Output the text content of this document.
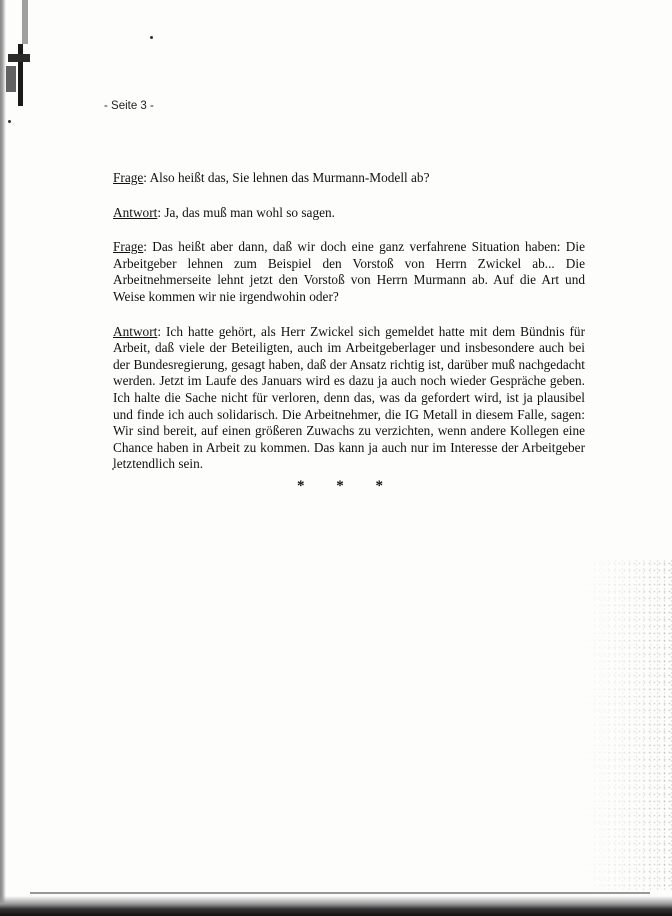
- Seite 3 -

Frage: Also heißt das, Sie lehnen das Murmann-Modell ab?

Antwort: Ja, das muß man wohl so sagen.

Frage: Das heißt aber dann, daß wir doch eine ganz verfahrene Situation haben: Die Arbeitgeber lehnen zum Beispiel den Vorstoß von Herrn Zwickel ab... Die Arbeitnehmerseite lehnt jetzt den Vorstoß von Herrn Murmann ab. Auf die Art und Weise kommen wir nie irgendwohin oder?

Antwort: Ich hatte gehört, als Herr Zwickel sich gemeldet hatte mit dem Bündnis für Arbeit, daß viele der Beteiligten, auch im Arbeitgeberlager und insbesondere auch bei der Bundesregierung, gesagt haben, daß der Ansatz richtig ist, darüber muß nachgedacht werden. Jetzt im Laufe des Januars wird es dazu ja auch noch wieder Gespräche geben. Ich halte die Sache nicht für verloren, denn das, was da gefordert wird, ist ja plausibel und finde ich auch solidarisch. Die Arbeitnehmer, die IG Metall in diesem Falle, sagen: Wir sind bereit, auf einen größeren Zuwachs zu verzichten, wenn andere Kollegen eine Chance haben in Arbeit zu kommen. Das kann ja auch nur im Interesse der Arbeitgeber letztendlich sein.

* * *
